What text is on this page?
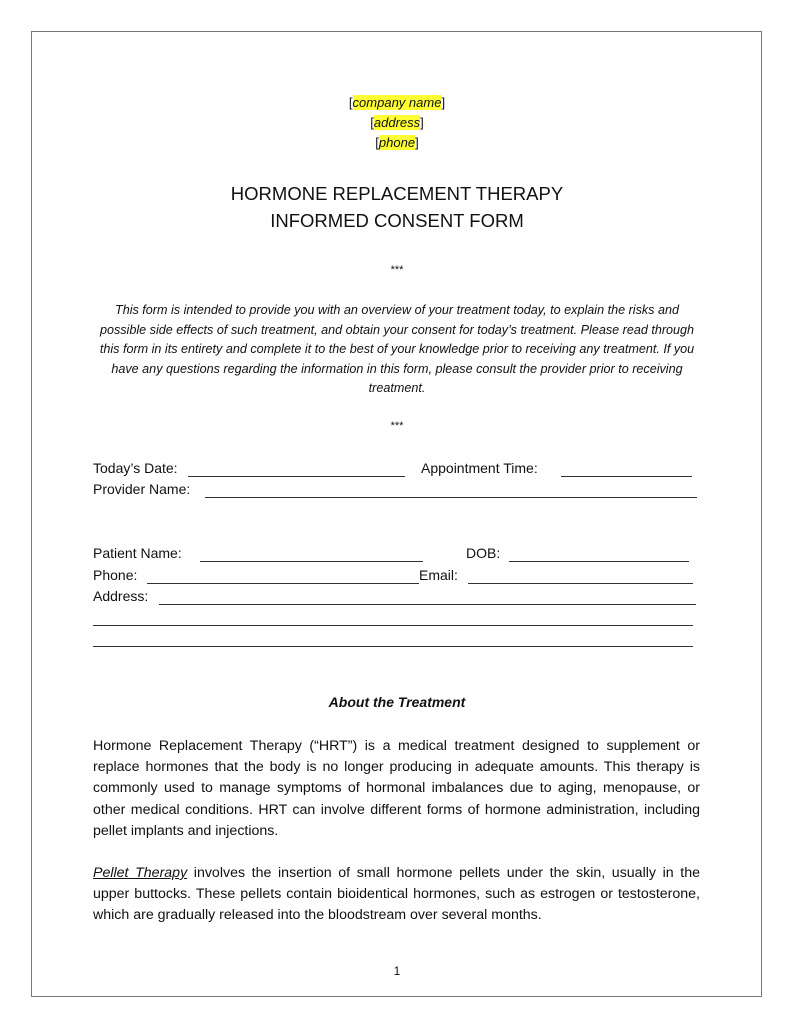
[company name]
[address]
[phone]
HORMONE REPLACEMENT THERAPY
INFORMED CONSENT FORM
***
This form is intended to provide you with an overview of your treatment today, to explain the risks and possible side effects of such treatment, and obtain your consent for today’s treatment. Please read through this form in its entirety and complete it to the best of your knowledge prior to receiving any treatment. If you have any questions regarding the information in this form, please consult the provider prior to receiving treatment.
***
Today’s Date:	Appointment Time:
Provider Name:
Patient Name:	DOB:
Phone:	Email:
Address:
About the Treatment
Hormone Replacement Therapy (“HRT”) is a medical treatment designed to supplement or replace hormones that the body is no longer producing in adequate amounts. This therapy is commonly used to manage symptoms of hormonal imbalances due to aging, menopause, or other medical conditions. HRT can involve different forms of hormone administration, including pellet implants and injections.
Pellet Therapy involves the insertion of small hormone pellets under the skin, usually in the upper buttocks. These pellets contain bioidentical hormones, such as estrogen or testosterone, which are gradually released into the bloodstream over several months.
1
